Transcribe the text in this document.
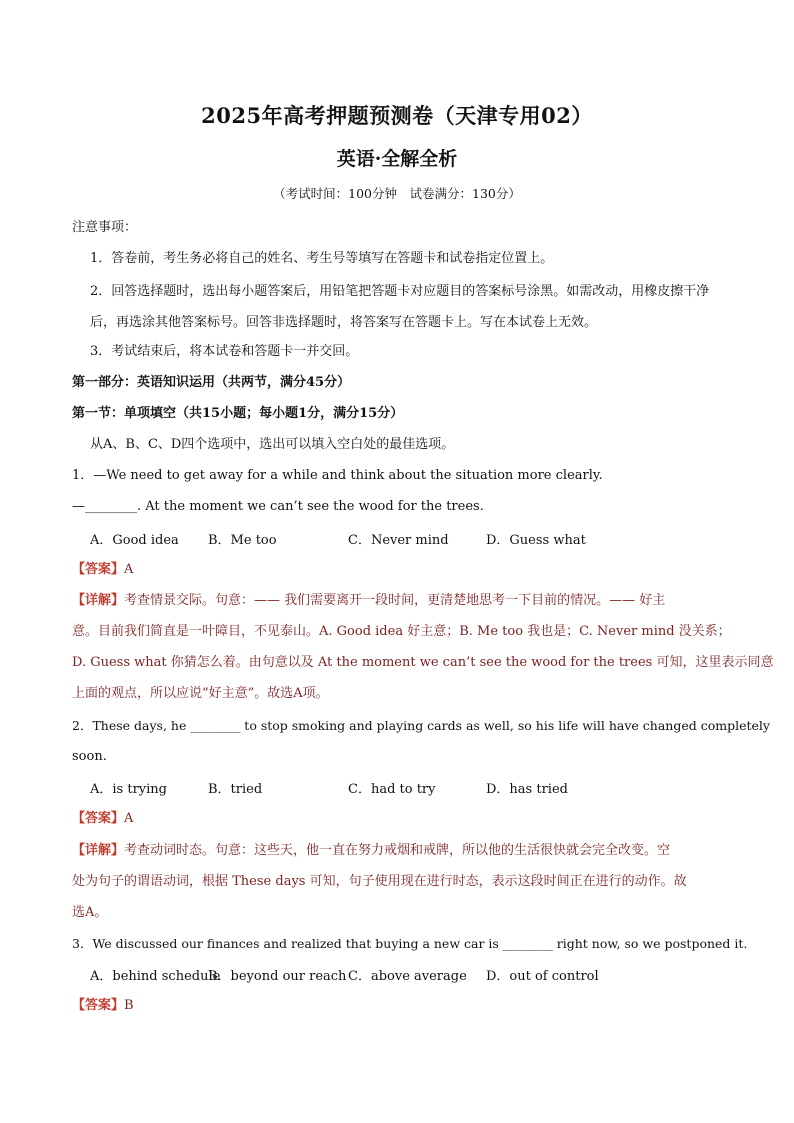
2025年高考押题预测卷（天津专用02）
英语·全解全析
（考试时间：100分钟　试卷满分：130分）
注意事项：
1．答卷前，考生务必将自己的姓名、考生号等填写在答题卡和试卷指定位置上。
2．回答选择题时，选出每小题答案后，用铅笔把答题卡对应题目的答案标号涂黑。如需改动，用橡皮擦干净后，再选涂其他答案标号。回答非选择题时，将答案写在答题卡上。写在本试卷上无效。
3．考试结束后，将本试卷和答题卡一并交回。
第一部分：英语知识运用（共两节，满分45分）
第一节：单项填空（共15小题；每小题1分，满分15分）
从A、B、C、D四个选项中，选出可以填入空白处的最佳选项。
1．—We need to get away for a while and think about the situation more clearly.
—________. At the moment we can’t see the wood for the trees.
A．Good idea B．Me too	C．Never mind	D．Guess what
【答案】A
【详解】考查情景交际。句意：—— 我们需要离开一段时间，更清楚地思考一下目前的情况。—— 好主
意。目前我们简直是一叶障目，不见泰山。A. Good idea 好主意；B. Me too 我也是；C. Never mind 没关系；
D. Guess what 你猜怎么着。由句意以及 At the moment we can’t see the wood for the trees 可知，这里表示同意
上面的观点，所以应说“好主意”。故选A项。
2．These days, he ________ to stop smoking and playing cards as well, so his life will have changed completely
soon.
A．is trying	B．tried	C．had to try	D．has tried
【答案】A
【详解】考查动词时态。句意：这些天，他一直在努力戒烟和戒牌，所以他的生活很快就会完全改变。空
处为句子的谓语动词，根据 These days 可知，句子使用现在进行时态，表示这段时间正在进行的动作。故
选A。
3．We discussed our finances and realized that buying a new car is ________ right now, so we postponed it.
A．behind schedule
B．beyond our reach C．above average D．out of control
【答案】B
